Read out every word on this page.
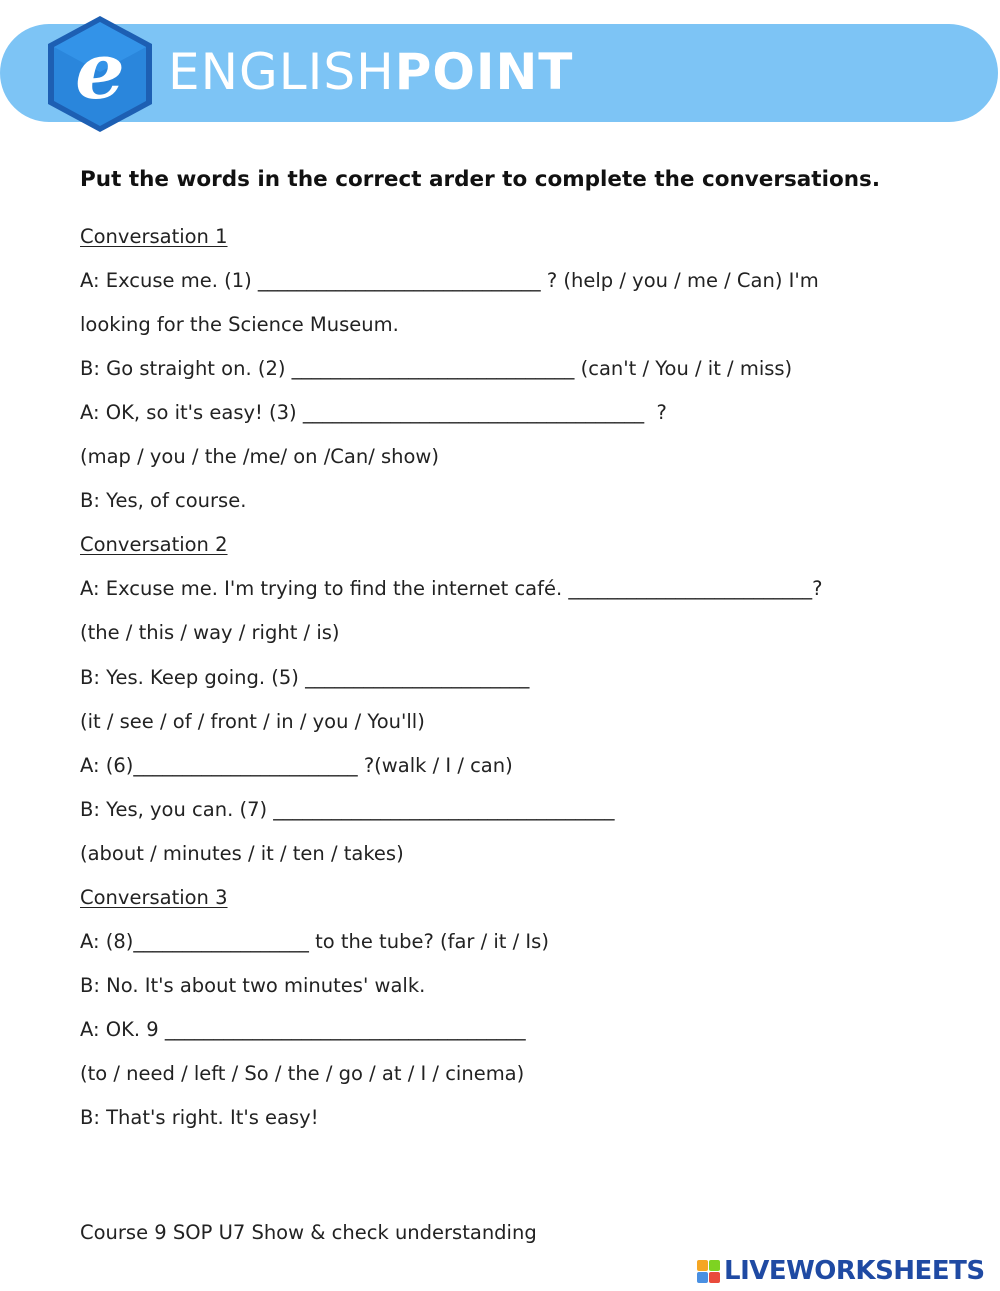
e ENGLISHPOINT
Put the words in the correct arder to complete the conversations.
Conversation 1
A: Excuse me. (1) _____________________________ ? (help / you / me / Can) I'm
looking for the Science Museum.
B: Go straight on. (2) _____________________________ (can't / You / it / miss)
A: OK, so it's easy! (3) ___________________________________  ?
(map / you / the /me/ on /Can/ show)
B: Yes, of course.
Conversation 2
A: Excuse me. I'm trying to find the internet café. _________________________?
(the / this / way / right / is)
B: Yes. Keep going. (5) _______________________
(it / see / of / front / in / you / You'll)
A: (6)_______________________ ?(walk / I / can)
B: Yes, you can. (7) ___________________________________
(about / minutes / it / ten / takes)
Conversation 3
A: (8)__________________ to the tube? (far / it / Is)
B: No. It's about two minutes' walk.
A: OK. 9 _____________________________________
(to / need / left / So / the / go / at / I / cinema)
B: That's right. It's easy!
Course 9 SOP U7 Show & check understanding
LIVEWORKSHEETS
